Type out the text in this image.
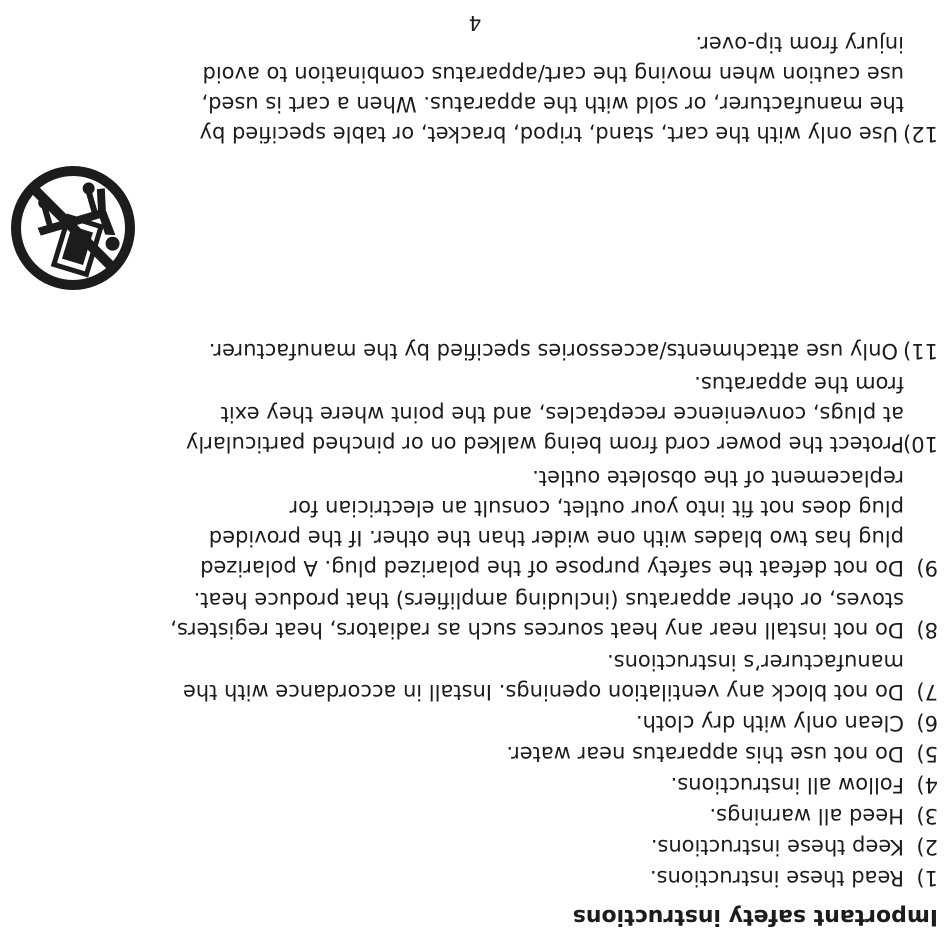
Important safety instructions
1)Read these instructions.
2)Keep these instructions.
3)Heed all warnings.
4)Follow all instructions.
5)Do not use this apparatus near water.
6)Clean only with dry cloth.
7)Do not block any ventilation openings. Install in accordance with the
manufacturer’s instructions.
8)Do not install near any heat sources such as radiators, heat registers,
stoves, or other apparatus (including amplifiers) that produce heat.
9)Do not defeat the safety purpose of the polarized plug. A polarized
plug has two blades with one wider than the other. If the provided
plug does not fit into your outlet, consult an electrician for
replacement of the obsolete outlet.
10)Protect the power cord from being walked on or pinched particularly
at plugs, convenience receptacles, and the point where they exit
from the apparatus.
11)Only use attachments/accessories specified by the manufacturer.
12)Use only with the cart, stand, tripod, bracket, or table specified by
the manufacturer, or sold with the apparatus. When a cart is used,
use caution when moving the cart/apparatus combination to avoid
injury from tip-over.
4
